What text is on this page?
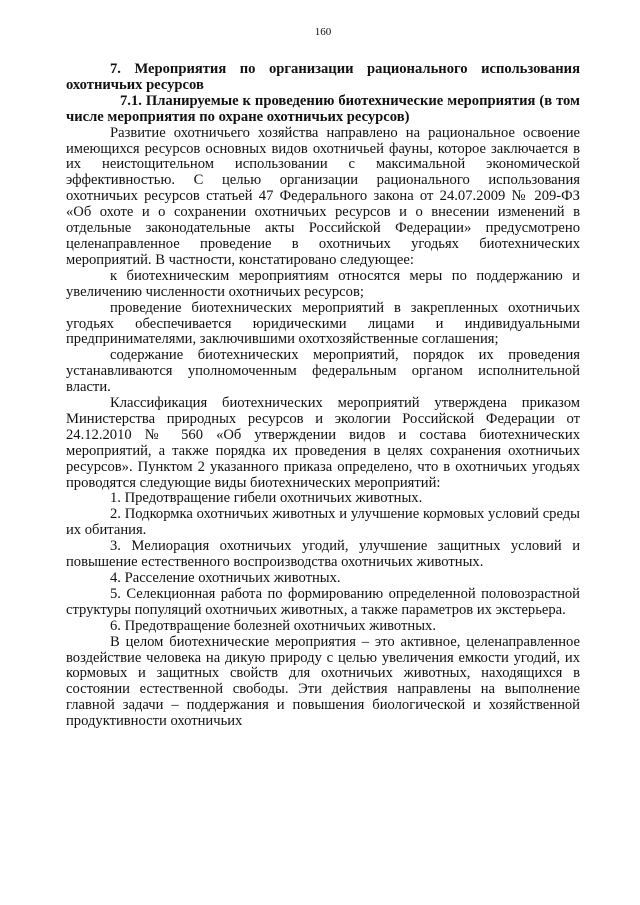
160

7. Мероприятия по организации рационального использования охотничьих ресурсов

7.1. Планируемые к проведению биотехнические мероприятия (в том числе мероприятия по охране охотничьих ресурсов)

Развитие охотничьего хозяйства направлено на рациональное освоение имеющихся ресурсов основных видов охотничьей фауны, которое заключается в их неистощительном использовании с максимальной экономической эффективностью. С целью организации рационального использования охотничьих ресурсов статьей 47 Федерального закона от 24.07.2009 № 209-ФЗ «Об охоте и о сохранении охотничьих ресурсов и о внесении изменений в отдельные законодательные акты Российской Федерации» предусмотрено целенаправленное проведение в охотничьих угодьях биотехнических мероприятий. В частности, констатировано следующее:

к биотехническим мероприятиям относятся меры по поддержанию и увеличению численности охотничьих ресурсов;

проведение биотехнических мероприятий в закрепленных охотничьих угодьях обеспечивается юридическими лицами и индивидуальными предпринимателями, заключившими охотхозяйственные соглашения;

содержание биотехнических мероприятий, порядок их проведения устанавливаются уполномоченным федеральным органом исполнительной власти.

Классификация биотехнических мероприятий утверждена приказом Министерства природных ресурсов и экологии Российской Федерации от 24.12.2010 № 560 «Об утверждении видов и состава биотехнических мероприятий, а также порядка их проведения в целях сохранения охотничьих ресурсов». Пунктом 2 указанного приказа определено, что в охотничьих угодьях проводятся следующие виды биотехнических мероприятий:

1. Предотвращение гибели охотничьих животных.

2. Подкормка охотничьих животных и улучшение кормовых условий среды их обитания.

3. Мелиорация охотничьих угодий, улучшение защитных условий и повышение естественного воспроизводства охотничьих животных.

4. Расселение охотничьих животных.

5. Селекционная работа по формированию определенной половозрастной структуры популяций охотничьих животных, а также параметров их экстерьера.

6. Предотвращение болезней охотничьих животных.

В целом биотехнические мероприятия – это активное, целенаправленное воздействие человека на дикую природу с целью увеличения емкости угодий, их кормовых и защитных свойств для охотничьих животных, находящихся в состоянии естественной свободы. Эти действия направлены на выполнение главной задачи – поддержания и повышения биологической и хозяйственной продуктивности охотничьих
